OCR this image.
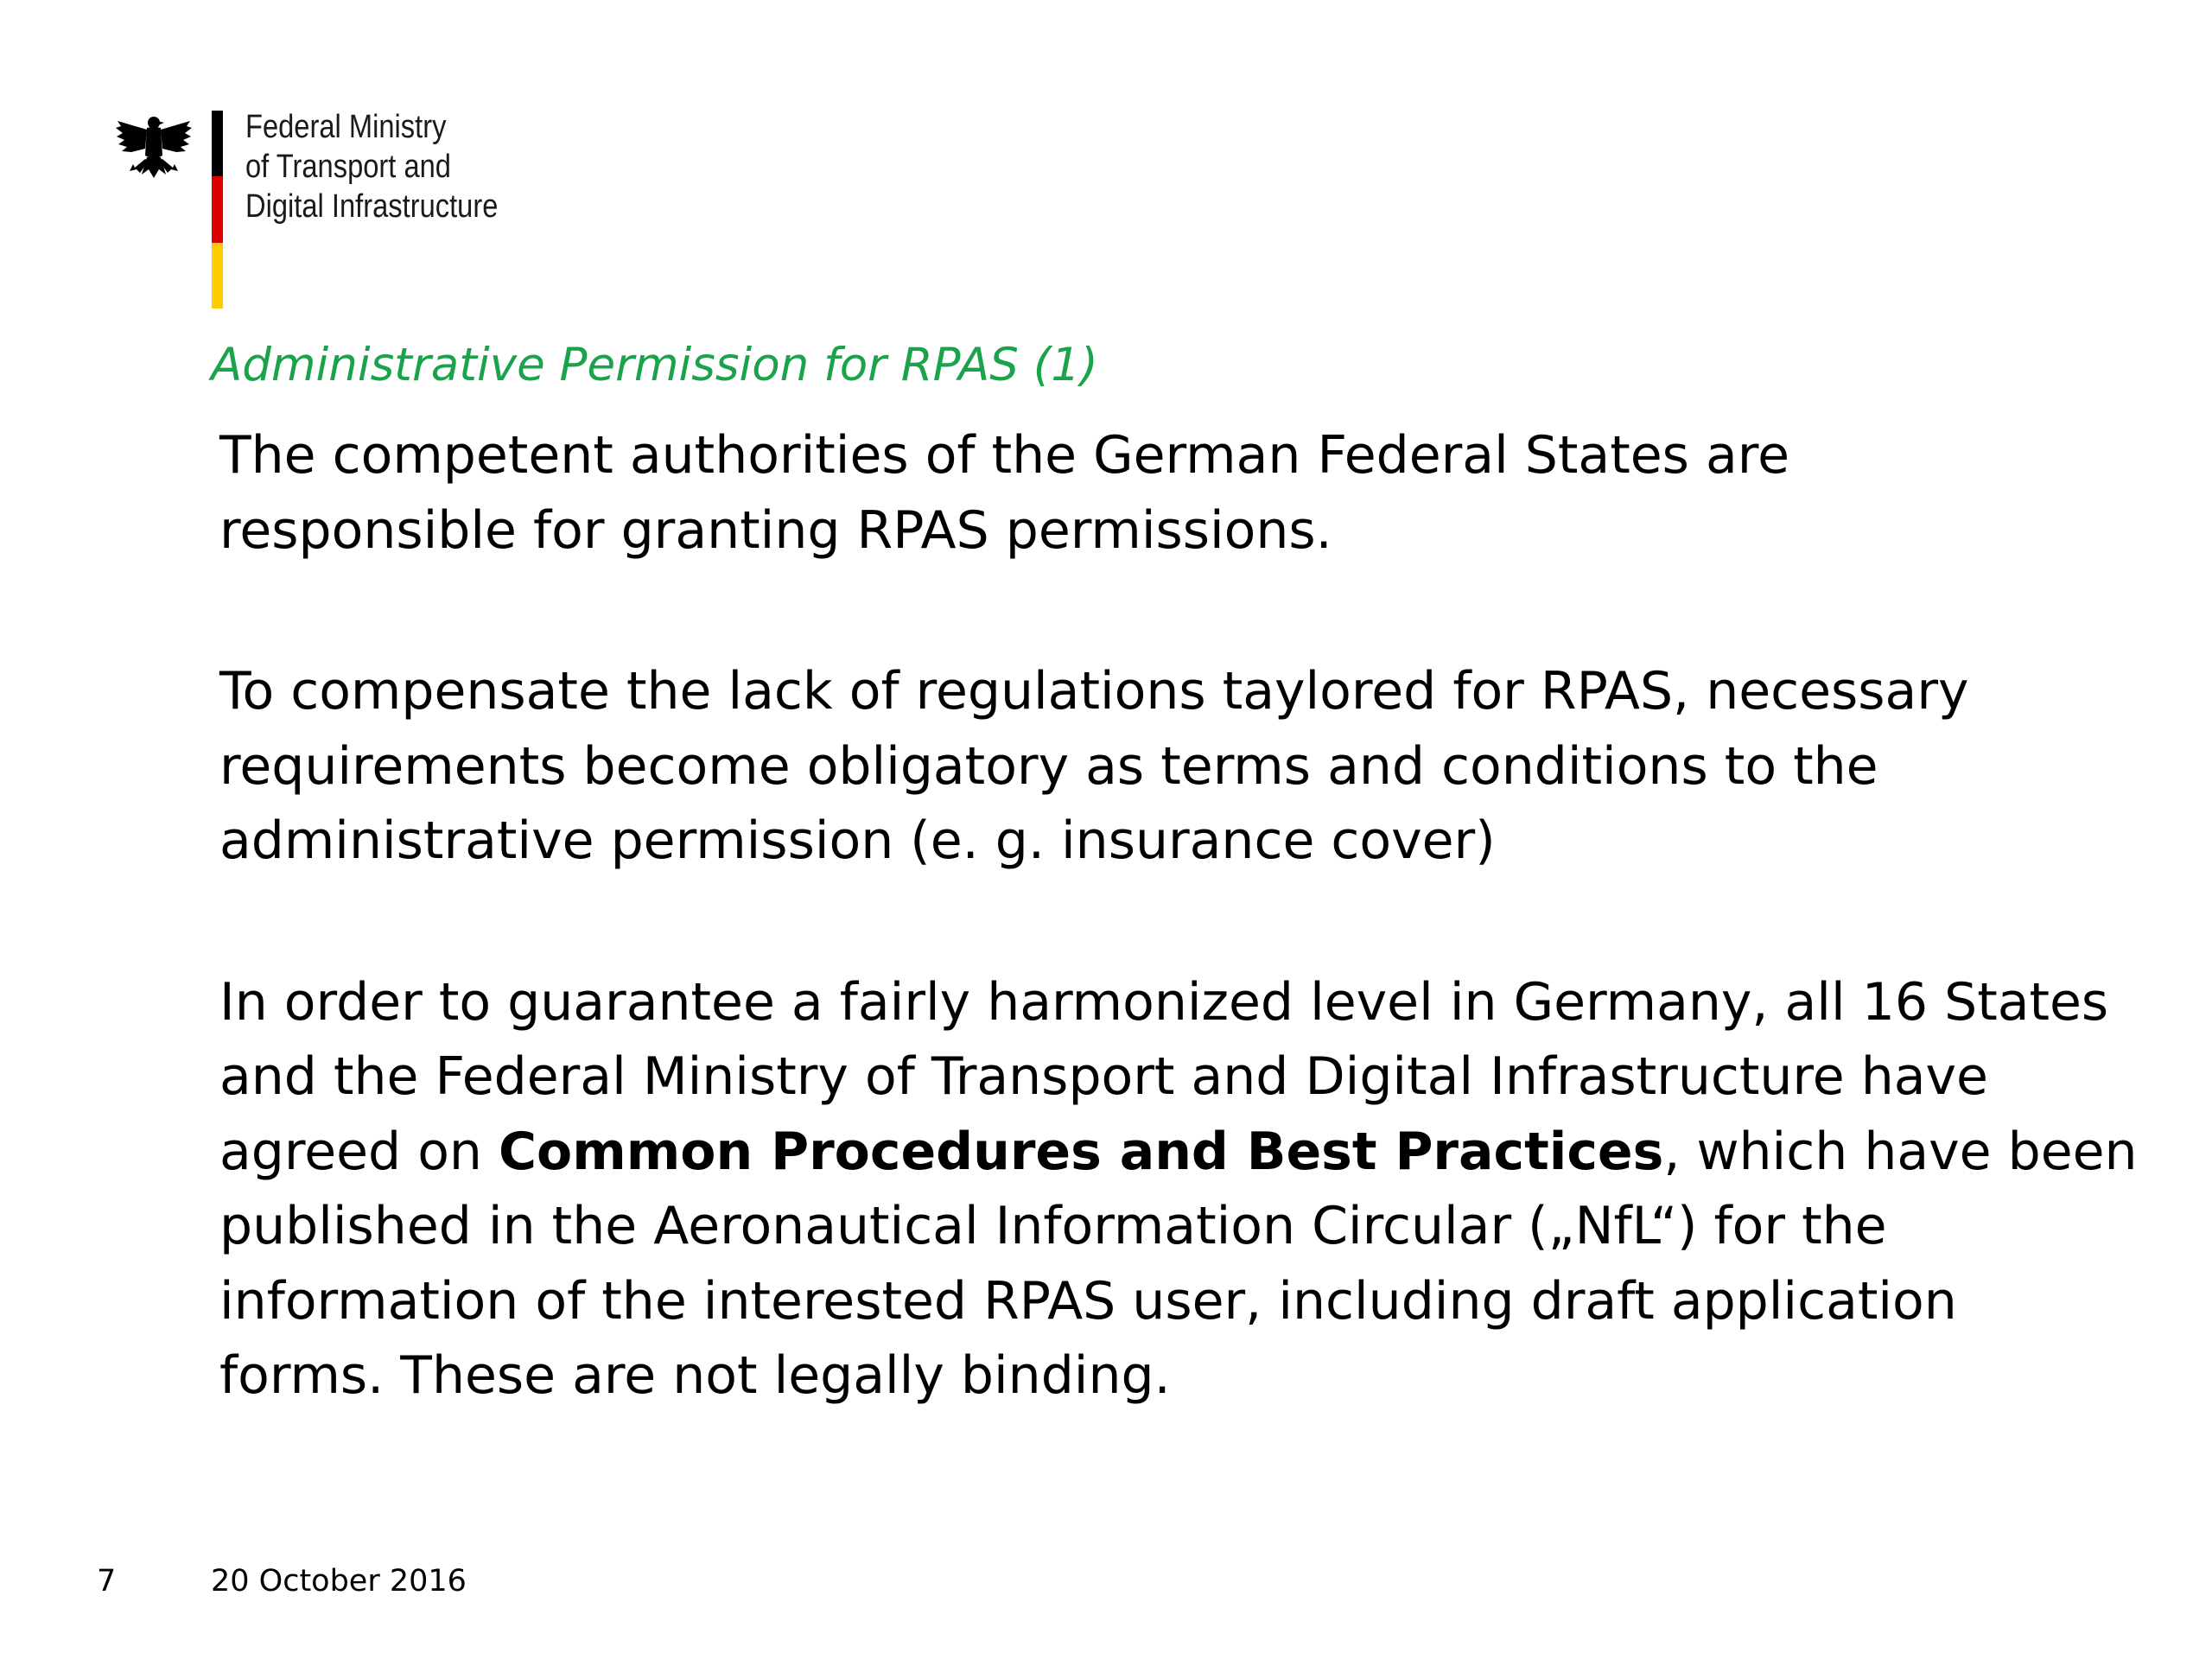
Federal Ministry
of Transport and
Digital Infrastructure
Administrative Permission for RPAS (1)

The competent authorities of the German Federal States are

responsible for granting RPAS permissions.

To compensate the lack of regulations taylored for RPAS, necessary

requirements become obligatory as terms and conditions to the

administrative permission (e. g. insurance cover)

In order to guarantee a fairly harmonized level in Germany, all 16 States

and the Federal Ministry of Transport and Digital Infrastructure have

agreed on Common Procedures and Best Practices, which have been

published in the Aeronautical Information Circular („NfL“) for the

information of the interested RPAS user, including draft application

forms. These are not legally binding.

7	20 October 2016
